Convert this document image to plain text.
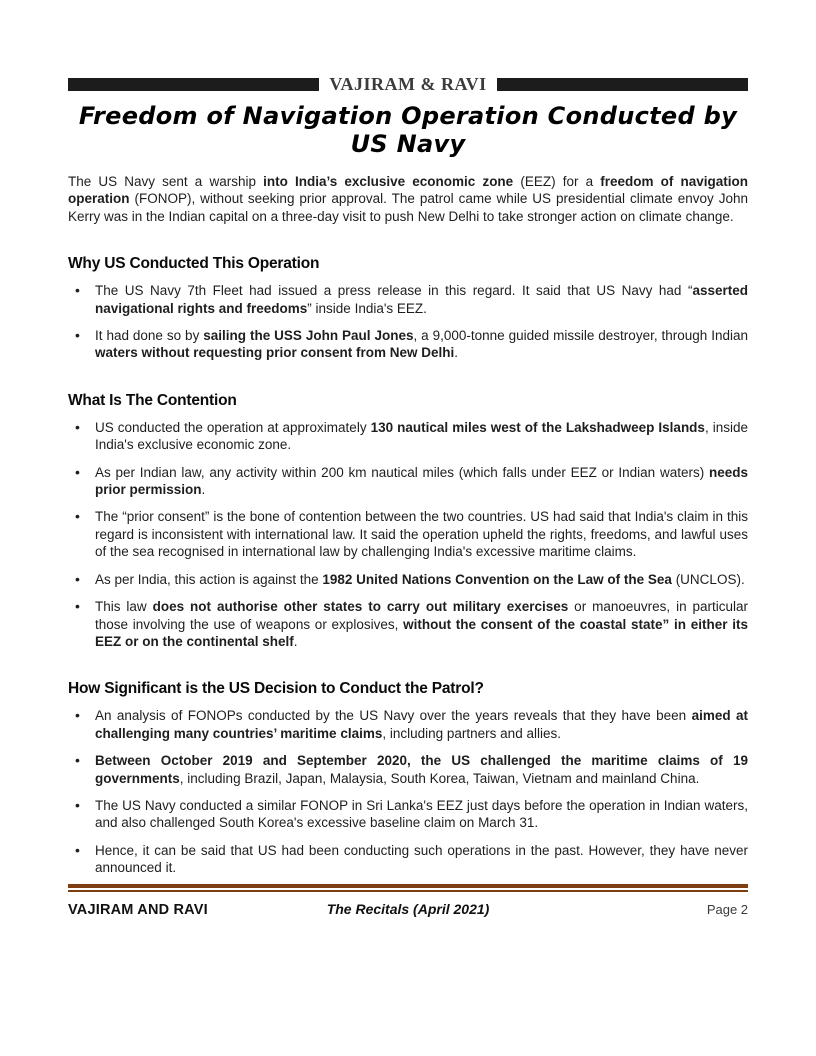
VAJIRAM & RAVI
Freedom of Navigation Operation Conducted by US Navy

The US Navy sent a warship into India’s exclusive economic zone (EEZ) for a freedom of navigation operation (FONOP), without seeking prior approval. The patrol came while US presidential climate envoy John Kerry was in the Indian capital on a three-day visit to push New Delhi to take stronger action on climate change.

Why US Conducted This Operation
• The US Navy 7th Fleet had issued a press release in this regard. It said that US Navy had “asserted navigational rights and freedoms” inside India's EEZ.
• It had done so by sailing the USS John Paul Jones, a 9,000-tonne guided missile destroyer, through Indian waters without requesting prior consent from New Delhi.
What Is The Contention
• US conducted the operation at approximately 130 nautical miles west of the Lakshadweep Islands, inside India's exclusive economic zone.
• As per Indian law, any activity within 200 km nautical miles (which falls under EEZ or Indian waters) needs prior permission.
• The “prior consent” is the bone of contention between the two countries. US had said that India's claim in this regard is inconsistent with international law. It said the operation upheld the rights, freedoms, and lawful uses of the sea recognised in international law by challenging India's excessive maritime claims.
• As per India, this action is against the 1982 United Nations Convention on the Law of the Sea (UNCLOS).
• This law does not authorise other states to carry out military exercises or manoeuvres, in particular those involving the use of weapons or explosives, without the consent of the coastal state” in either its EEZ or on the continental shelf.
How Significant is the US Decision to Conduct the Patrol?
• An analysis of FONOPs conducted by the US Navy over the years reveals that they have been aimed at challenging many countries’ maritime claims, including partners and allies.
• Between October 2019 and September 2020, the US challenged the maritime claims of 19 governments, including Brazil, Japan, Malaysia, South Korea, Taiwan, Vietnam and mainland China.
• The US Navy conducted a similar FONOP in Sri Lanka's EEZ just days before the operation in Indian waters, and also challenged South Korea's excessive baseline claim on March 31.
• Hence, it can be said that US had been conducting such operations in the past. However, they have never announced it.
VAJIRAM AND RAVI	The Recitals (April 2021)	Page 2
